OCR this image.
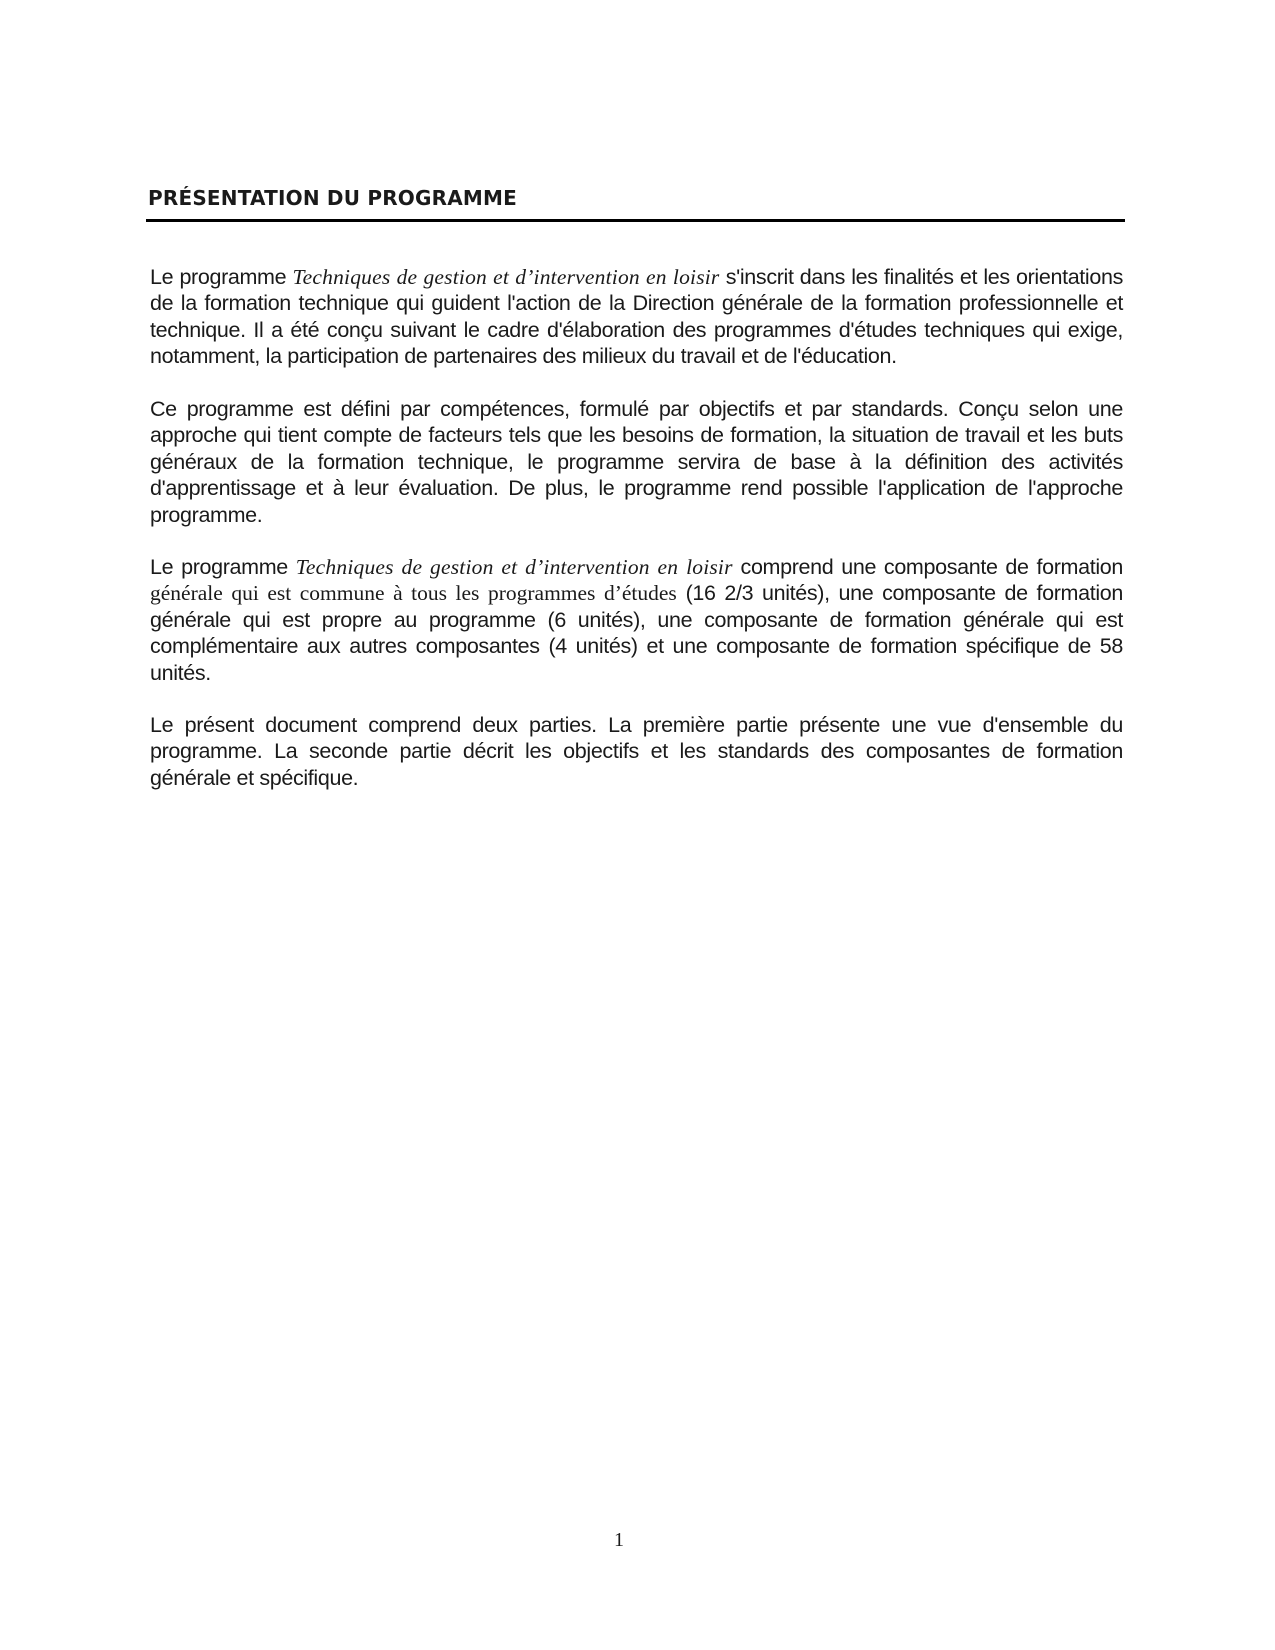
PRÉSENTATION DU PROGRAMME

Le programme Techniques de gestion et d’intervention en loisir s'inscrit dans les finalités et les orientations de la formation technique qui guident l'action de la Direction générale de la formation professionnelle et technique. Il a été conçu suivant le cadre d'élaboration des programmes d'études techniques qui exige, notamment, la participation de partenaires des milieux du travail et de l'éducation.

Ce programme est défini par compétences, formulé par objectifs et par standards. Conçu selon une approche qui tient compte de facteurs tels que les besoins de formation, la situation de travail et les buts généraux de la formation technique, le programme servira de base à la définition des activités d'apprentissage et à leur évaluation. De plus, le programme rend possible l'application de l'approche programme.

Le programme Techniques de gestion et d’intervention en loisir comprend une composante de formation générale qui est commune à tous les programmes d’études (16 2/3 unités), une composante de formation générale qui est propre au programme (6 unités), une composante de formation générale qui est complémentaire aux autres composantes (4 unités) et une composante de formation spécifique de 58 unités.

Le présent document comprend deux parties. La première partie présente une vue d'ensemble du programme. La seconde partie décrit les objectifs et les standards des composantes de formation générale et spécifique.

1
